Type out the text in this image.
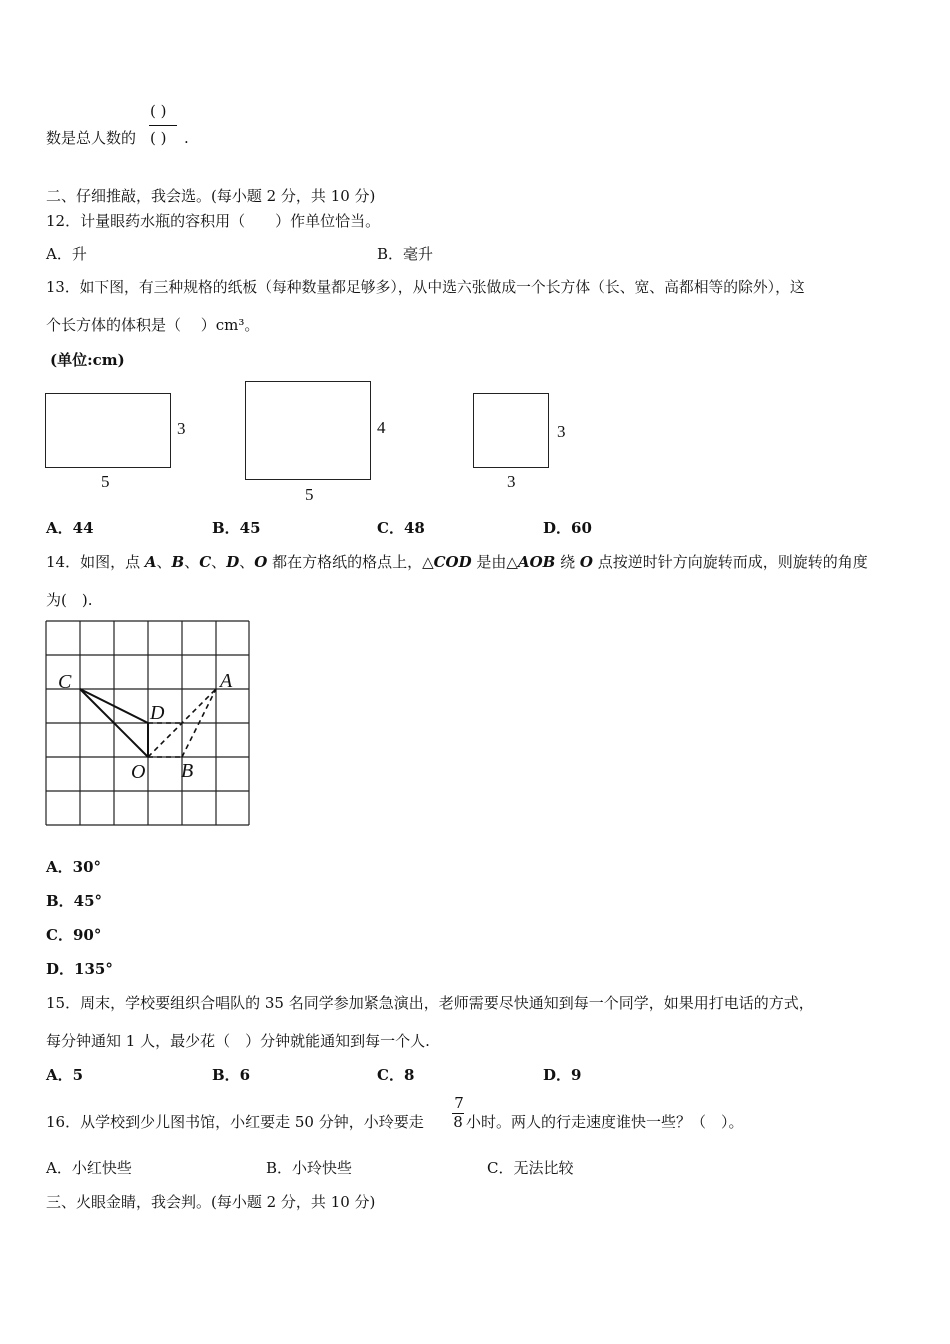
( )
数是总人数的 ( ) .
二、仔细推敲，我会选。(每小题 2 分，共 10 分)
12．计量眼药水瓶的容积用（　　）作单位恰当。
A．升	B．毫升
13．如下图，有三种规格的纸板（每种数量都足够多），从中选六张做成一个长方体（长、宽、高都相等的除外），这
个长方体的体积是（　 ）cm³。
(单位:cm)
3
5
4
5
3
3
A．44	B．45	C．48	D．60
14．如图，点 A、B、C、D、O 都在方格纸的格点上，△COD 是由△AOB 绕 O 点按逆时针方向旋转而成，则旋转的角度
为(　).
C	A
D
O B
A．30°
B．45°
C．90°
D．135°
15．周末，学校要组织合唱队的 35 名同学参加紧急演出，老师需要尽快通知到每一个同学，如果用打电话的方式，
每分钟通知 1 人，最少花（　）分钟就能通知到每一个人.
A．5	B．6	C．8	D．9
16．从学校到少儿图书馆，小红要走 50 分钟，小玲要走
7
8 小时。两人的行走速度谁快一些？（　）。
A．小红快些	B．小玲快些	C．无法比较
三、火眼金睛，我会判。(每小题 2 分，共 10 分)
